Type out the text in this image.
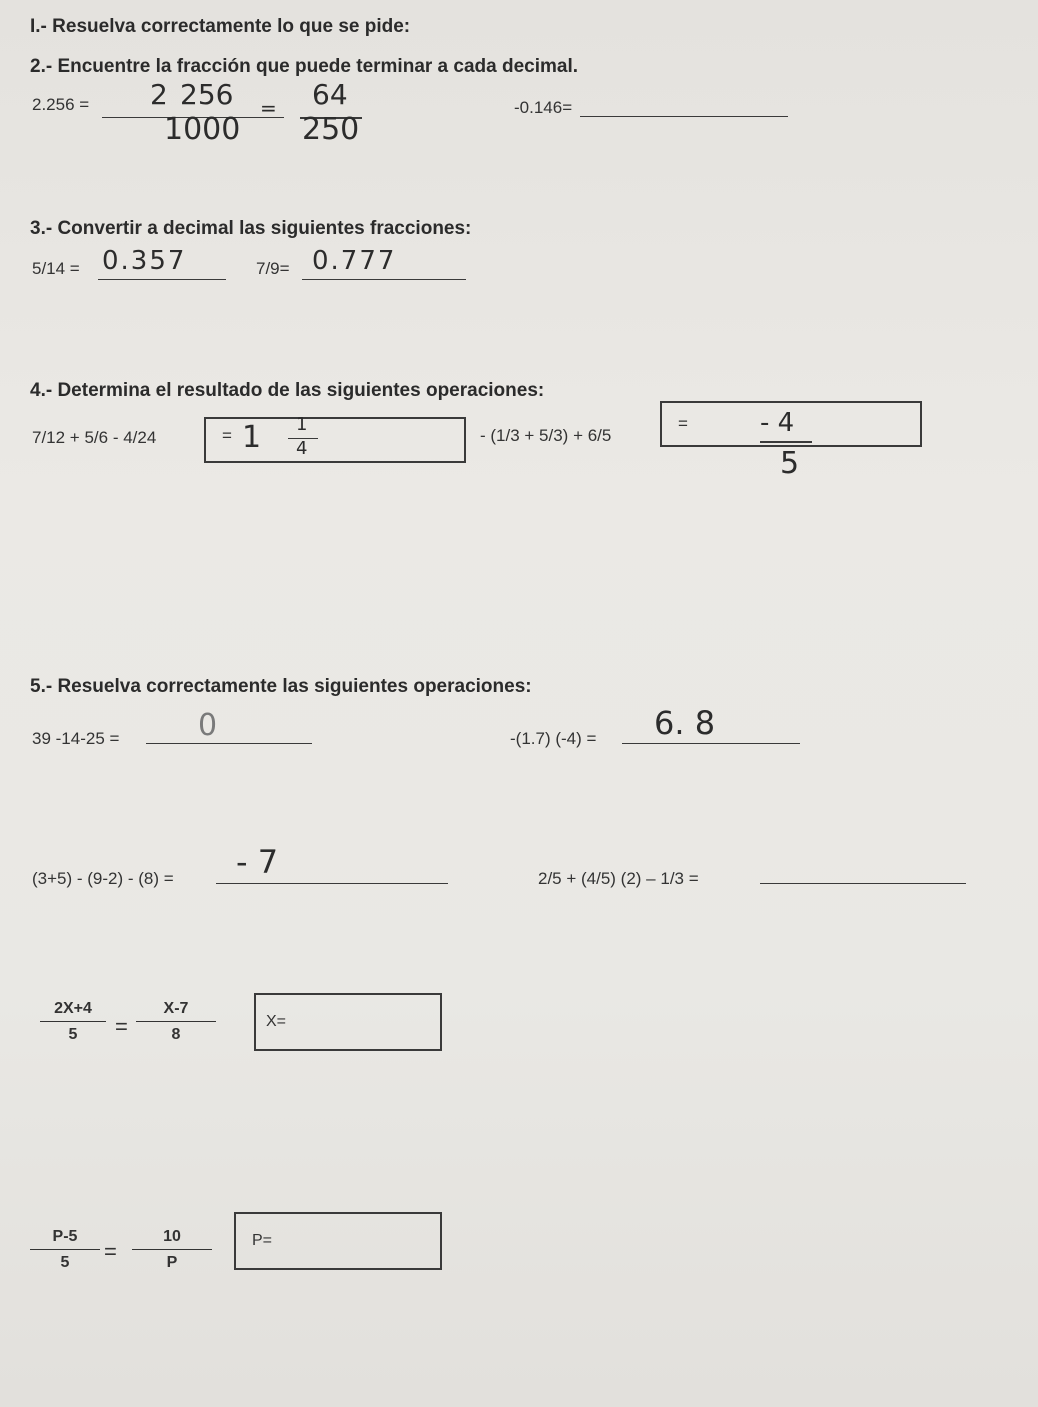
I.- Resuelva correctamente lo que se pide:
2.- Encuentre la fracción que puede terminar a cada decimal.
2.256 = 2 256
1000
= 64
250
-0.146=
3.- Convertir a decimal las siguientes fracciones:
5/14 = 0.357	7/9= 0.777
4.- Determina el resultado de las siguientes operaciones:
7/12 + 5/6 - 4/24	= 1 1
4
- (1/3 + 5/3) + 6/5
=	- 4
5
5.- Resuelva correctamente las siguientes operaciones:
39 -14-25 =	0	-(1.7) (-4) = 6. 8
(3+5) - (9-2) - (8) = - 7	2/5 + (4/5) (2) – 1/3 =
2X+4
5	=
X-7
8
X=
P-5
5	=
10
P
P=
